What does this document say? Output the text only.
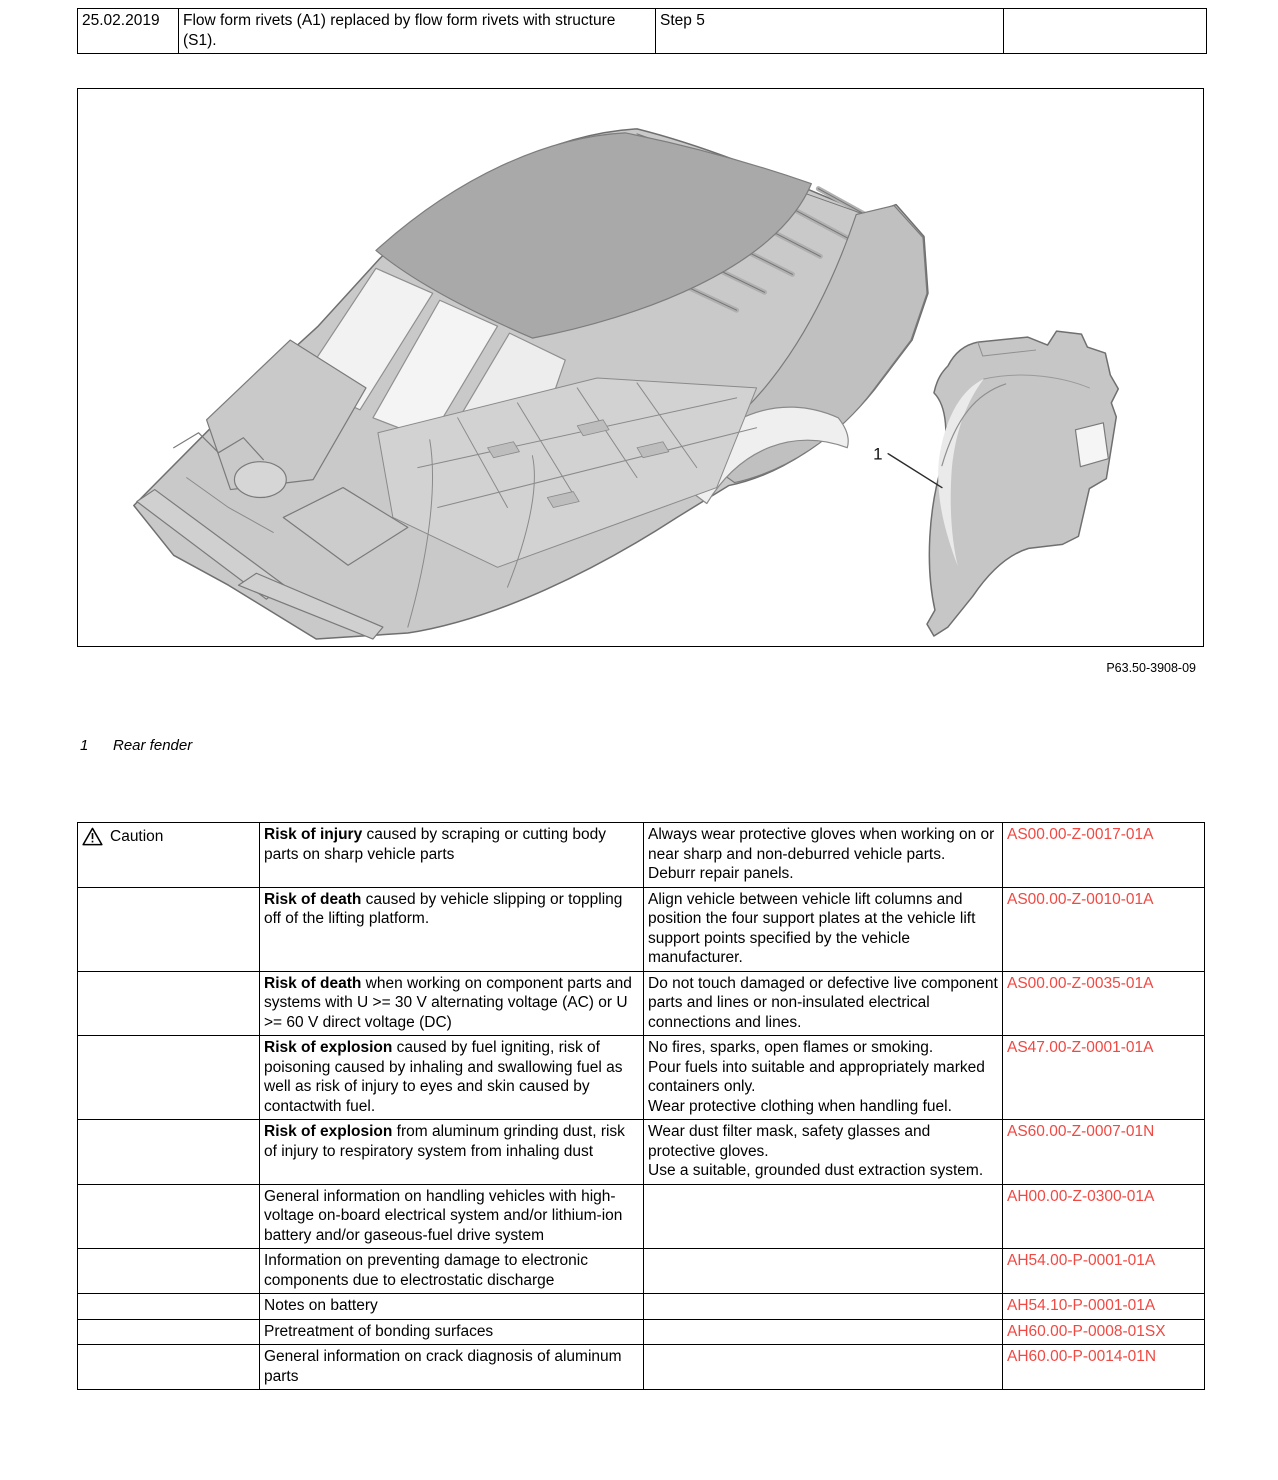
25.02.2019	Flow form rivets (A1) replaced by flow form rivets with structure (S1).	Step 5	
1
P63.50-3908-09
1 Rear fender
Caution	Risk of injury caused by scraping or cutting body parts on sharp vehicle parts	Always wear protective gloves when working on or near sharp and non-deburred vehicle parts.
Deburr repair panels.	AS00.00-Z-0017-01A
	Risk of death caused by vehicle slipping or toppling off of the lifting platform.	Align vehicle between vehicle lift columns and position the four support plates at the vehicle lift support points specified by the vehicle manufacturer.	AS00.00-Z-0010-01A
	Risk of death when working on component parts and systems with U >= 30 V alternating voltage (AC) or U >= 60 V direct voltage (DC)	Do not touch damaged or defective live component parts and lines or non-insulated electrical connections and lines.	AS00.00-Z-0035-01A
	Risk of explosion caused by fuel igniting, risk of poisoning caused by inhaling and swallowing fuel as well as risk of injury to eyes and skin caused by contactwith fuel.	No fires, sparks, open flames or smoking.
Pour fuels into suitable and appropriately marked containers only.
Wear protective clothing when handling fuel.	AS47.00-Z-0001-01A
	Risk of explosion from aluminum grinding dust, risk of injury to respiratory system from inhaling dust	Wear dust filter mask, safety glasses and protective gloves.
Use a suitable, grounded dust extraction system.	AS60.00-Z-0007-01N
	General information on handling vehicles with high-voltage on-board electrical system and/or lithium-ion battery and/or gaseous-fuel drive system		AH00.00-Z-0300-01A
	Information on preventing damage to electronic components due to electrostatic discharge		AH54.00-P-0001-01A
	Notes on battery		AH54.10-P-0001-01A
	Pretreatment of bonding surfaces		AH60.00-P-0008-01SX
	General information on crack diagnosis of aluminum parts		AH60.00-P-0014-01N
